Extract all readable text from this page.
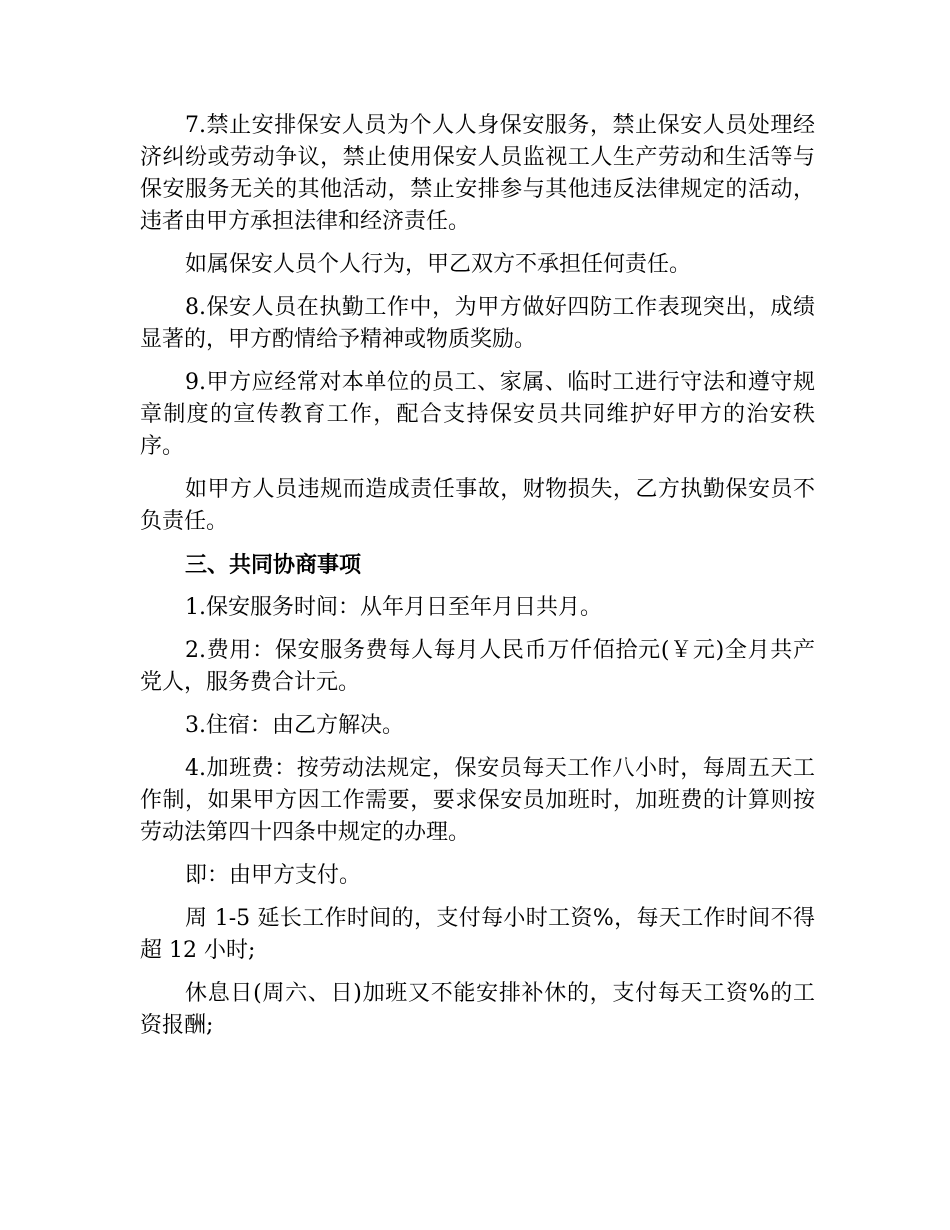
7.禁止安排保安人员为个人人身保安服务，禁止保安人员处理经济纠纷或劳动争议，禁止使用保安人员监视工人生产劳动和生活等与保安服务无关的其他活动，禁止安排参与其他违反法律规定的活动，违者由甲方承担法律和经济责任。

如属保安人员个人行为，甲乙双方不承担任何责任。

8.保安人员在执勤工作中，为甲方做好四防工作表现突出，成绩显著的，甲方酌情给予精神或物质奖励。

9.甲方应经常对本单位的员工、家属、临时工进行守法和遵守规章制度的宣传教育工作，配合支持保安员共同维护好甲方的治安秩序。

如甲方人员违规而造成责任事故，财物损失，乙方执勤保安员不负责任。

三、共同协商事项

1.保安服务时间：从年月日至年月日共月。

2.费用：保安服务费每人每月人民币万仟佰拾元(￥元)全月共产党人，服务费合计元。

3.住宿：由乙方解决。

4.加班费：按劳动法规定，保安员每天工作八小时，每周五天工作制，如果甲方因工作需要，要求保安员加班时，加班费的计算则按劳动法第四十四条中规定的办理。

即：由甲方支付。

周 1-5 延长工作时间的，支付每小时工资%，每天工作时间不得超 12 小时;

休息日(周六、日)加班又不能安排补休的，支付每天工资%的工资报酬;
